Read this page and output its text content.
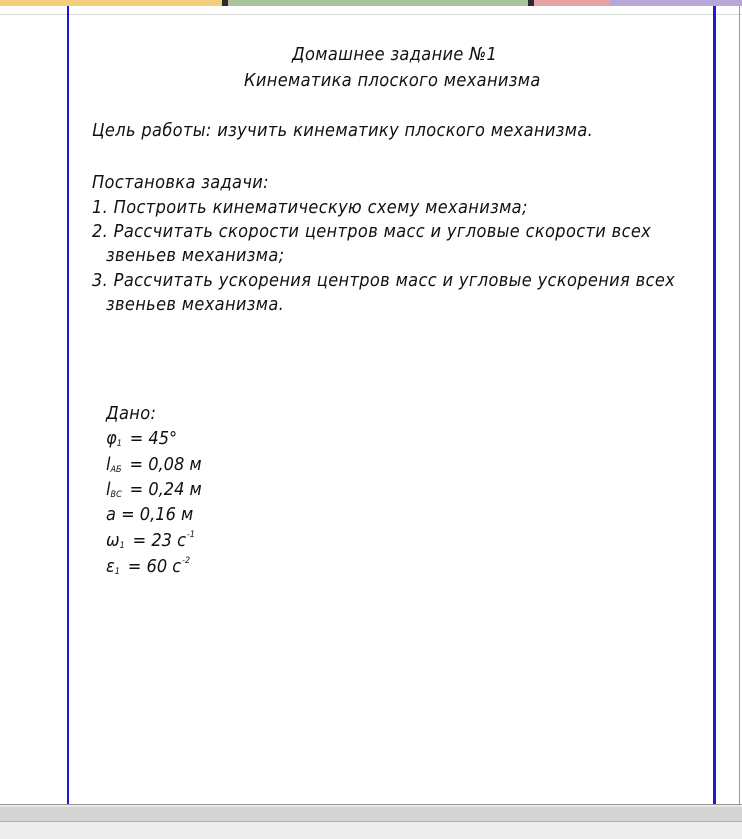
Домашнее задание №1
Кинематика плоского механизма
Цель работы: изучить кинематику плоского механизма.
Постановка задачи:
1. Построить кинематическую схему механизма;
2. Рассчитать скорости центров масс и угловые скорости всех
звеньев механизма;
3. Рассчитать ускорения центров масс и угловые ускорения всех
звеньев механизма.
Дано:
$\varphi_1 = 45^\circ$
$l_{АБ} = 0,08$ м
$l_{ВС} = 0,24$ м
a = 0,16 м
$\omega_1 = 23$ $с^{-1}$
$\varepsilon_1 = 60$ $с^{-2}$
